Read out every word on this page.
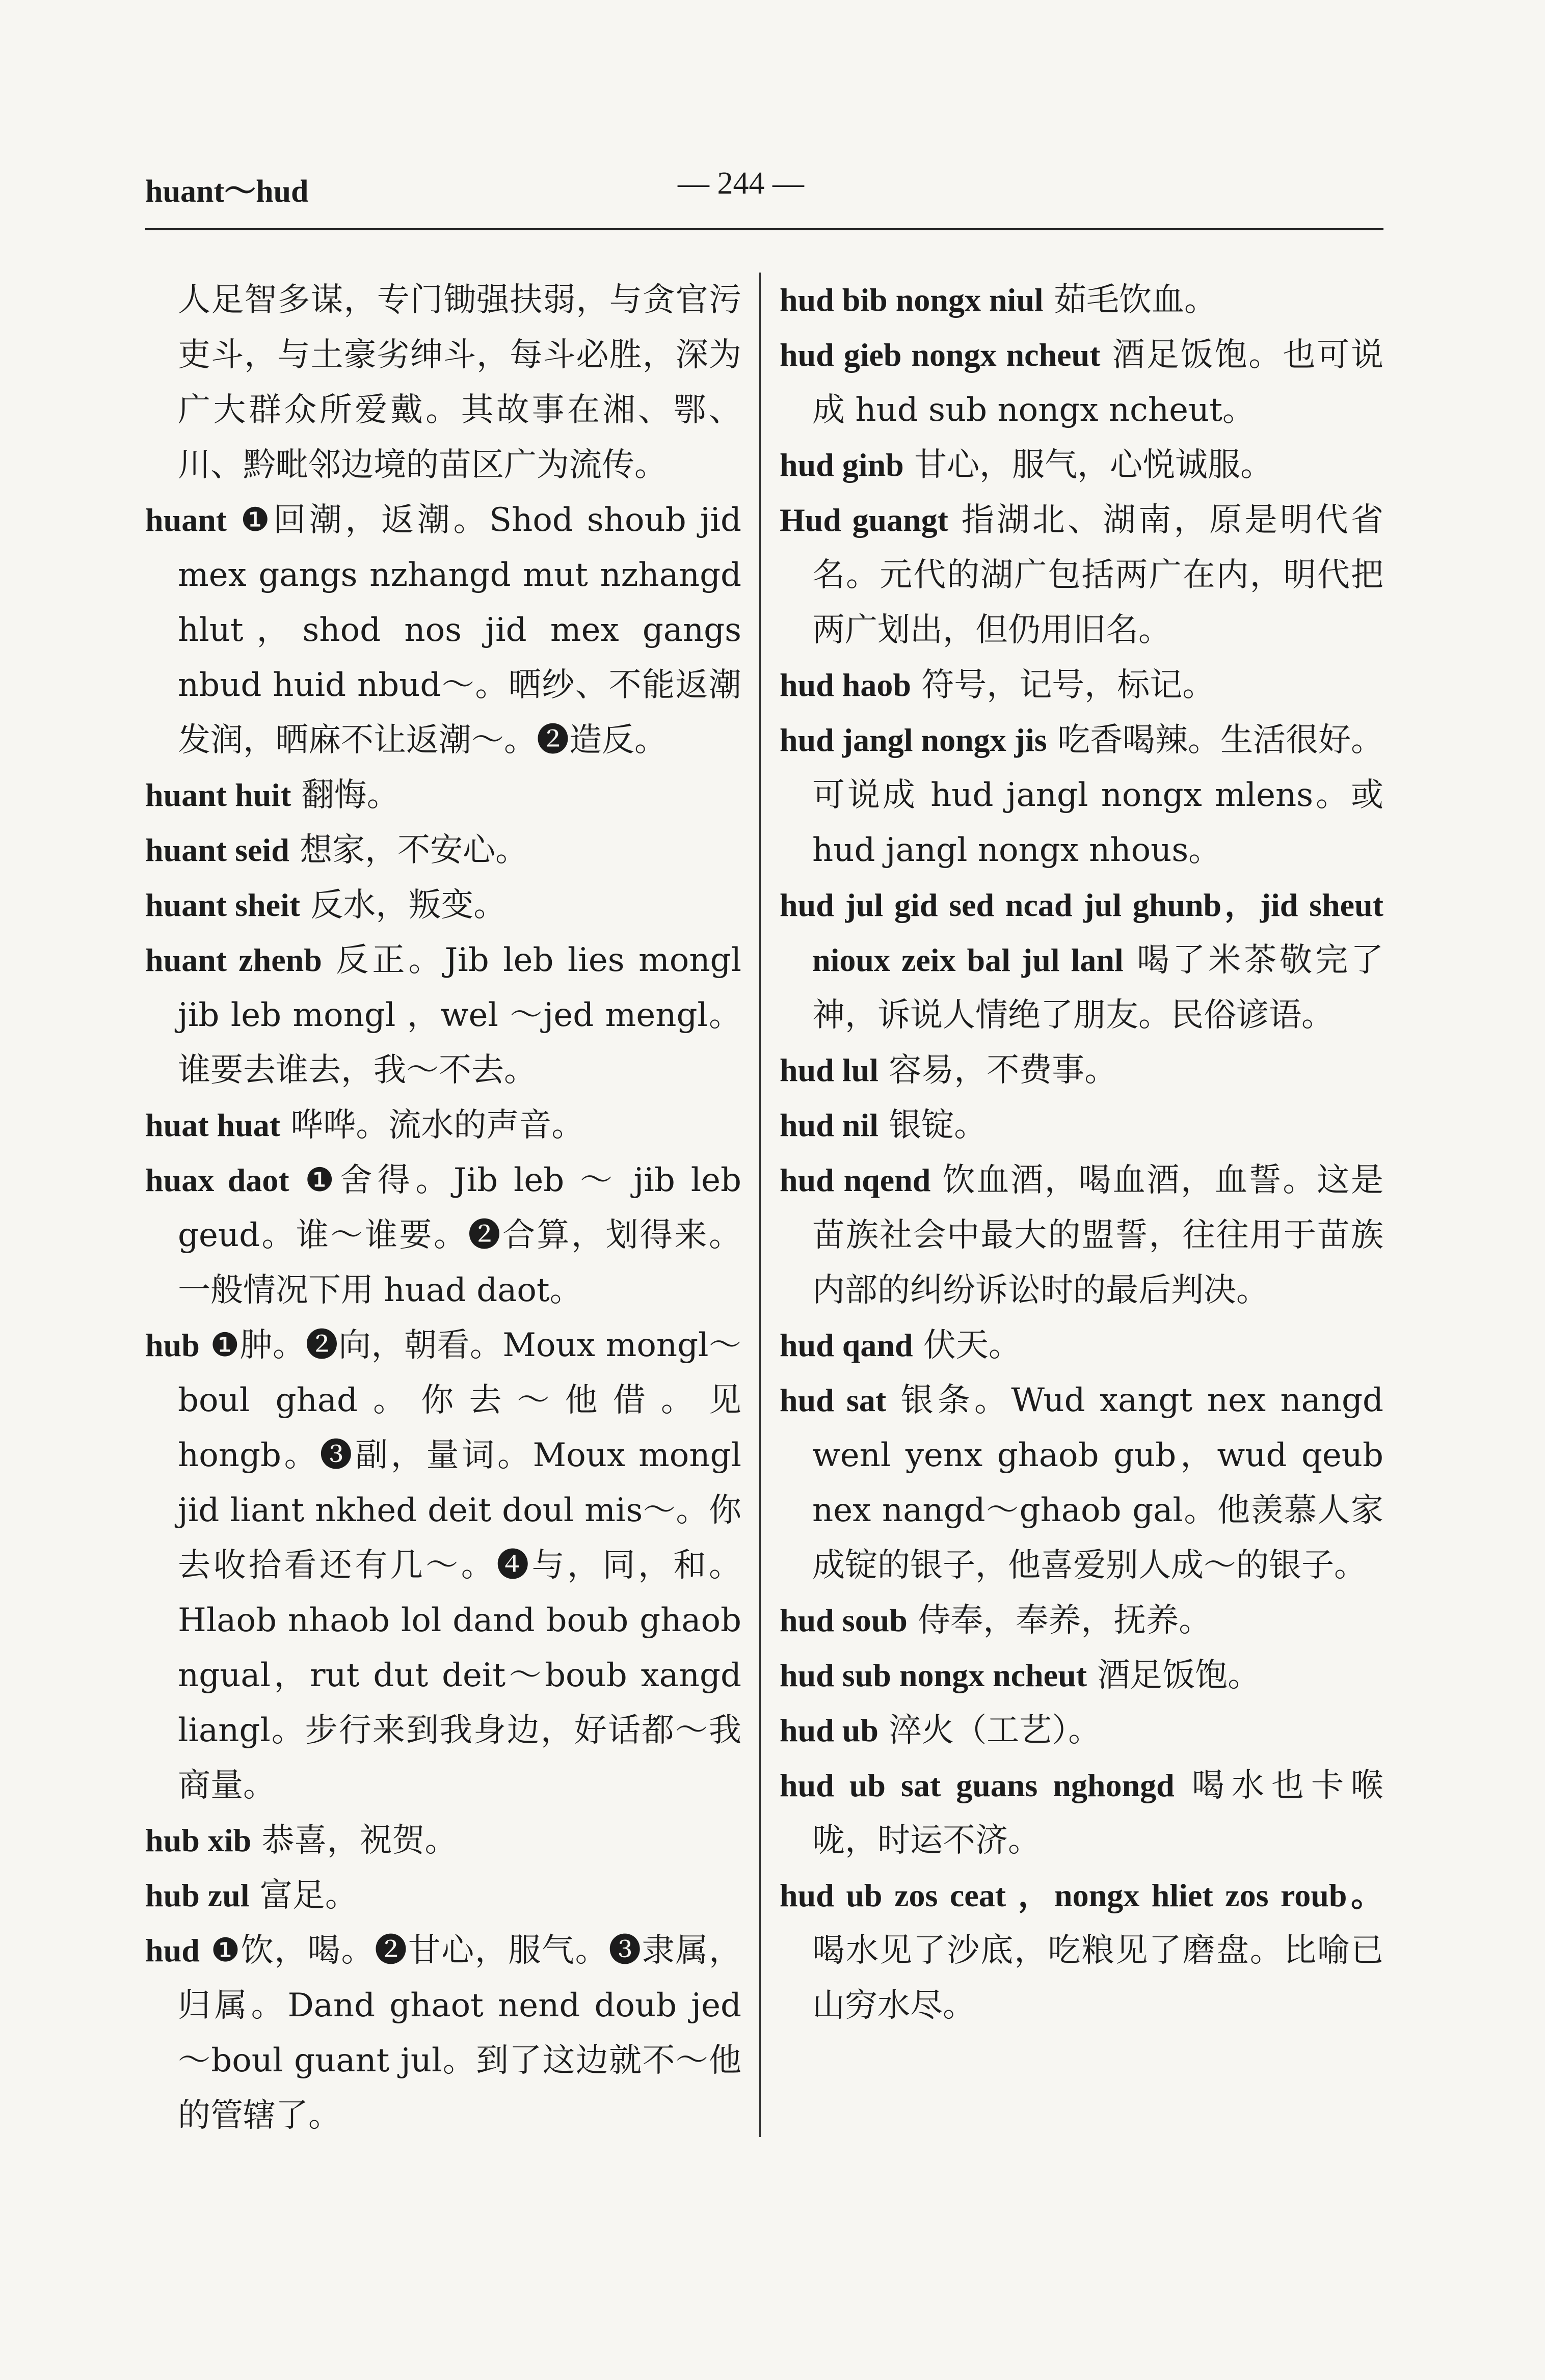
huant～hud	— 244 —

人足智多谋，专门锄强扶弱，与贪官污吏斗，与土豪劣绅斗，每斗必胜，深为广大群众所爱戴。其故事在湘、鄂、川、黔毗邻边境的苗区广为流传。

huant ❶回潮，返潮。Shod shoub jid mex gangs nzhangd mut nzhangd hlut，shod nos jid mex gangs nbud huid nbud～。晒纱、不能返潮发润，晒麻不让返潮～。❷造反。

huant huit 翻悔。

huant seid 想家，不安心。

huant sheit 反水，叛变。

huant zhenb 反正。Jib leb lies mongl jib leb mongl ，wel ～jed mengl。谁要去谁去，我～不去。

huat huat 哗哗。流水的声音。

huax daot ❶舍得。Jib leb ～ jib leb geud。谁～谁要。❷合算，划得来。一般情况下用 huad daot。

hub ❶肿。❷向，朝看。Moux mongl～boul ghad。你去～他借。见 hongb。❸副，量词。Moux mongl jid liant nkhed deit doul mis～。你去收拾看还有几～。❹与，同，和。Hlaob nhaob lol dand boub ghaob ngual，rut dut deit～boub xangd liangl。步行来到我身边，好话都～我商量。

hub xib 恭喜，祝贺。

hub zul 富足。

hud ❶饮，喝。❷甘心，服气。❸隶属，归属。Dand ghaot nend doub jed～boul guant jul。到了这边就不～他的管辖了。

hud bib nongx niul 茹毛饮血。

hud gieb nongx ncheut 酒足饭饱。也可说成 hud sub nongx ncheut。

hud ginb 甘心，服气，心悦诚服。

Hud guangt 指湖北、湖南，原是明代省名。元代的湖广包括两广在内，明代把两广划出，但仍用旧名。

hud haob 符号，记号，标记。

hud jangl nongx jis 吃香喝辣。生活很好。可说成 hud jangl nongx mlens。或 hud jangl nongx nhous。

hud jul gid sed ncad jul ghunb，jid sheut nioux zeix bal jul lanl 喝了米茶敬完了神，诉说人情绝了朋友。民俗谚语。

hud lul 容易，不费事。

hud nil 银锭。

hud nqend 饮血酒，喝血酒，血誓。这是苗族社会中最大的盟誓，往往用于苗族内部的纠纷诉讼时的最后判决。

hud qand 伏天。

hud sat 银条。Wud xangt nex nangd wenl yenx ghaob gub，wud qeub nex nangd～ghaob gal。他羡慕人家成锭的银子，他喜爱别人成～的银子。

hud soub 侍奉，奉养，抚养。

hud sub nongx ncheut 酒足饭饱。

hud ub 淬火（工艺）。

hud ub sat guans nghongd 喝水也卡喉咙，时运不济。

hud ub zos ceat ，nongx hliet zos roub。 喝水见了沙底，吃粮见了磨盘。比喻已山穷水尽。
